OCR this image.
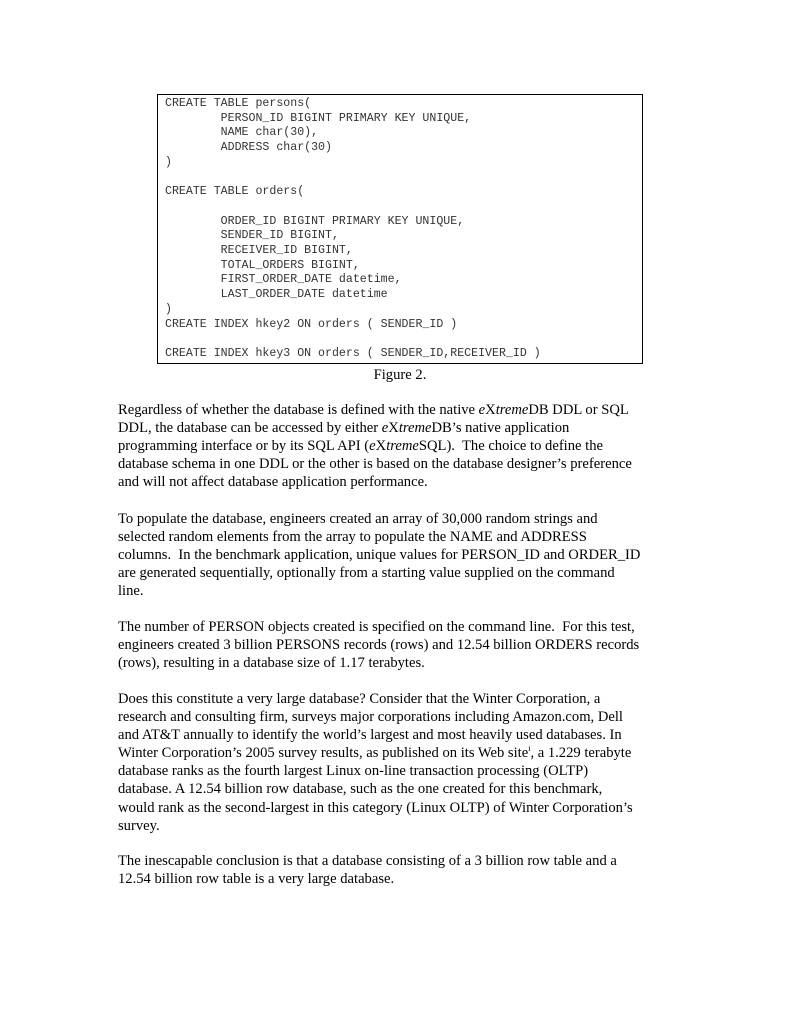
CREATE TABLE persons(
PERSON_ID BIGINT PRIMARY KEY UNIQUE,
NAME char(30),
ADDRESS char(30)
)
CREATE TABLE orders(
ORDER_ID BIGINT PRIMARY KEY UNIQUE,
SENDER_ID BIGINT,
RECEIVER_ID BIGINT,
TOTAL_ORDERS BIGINT,
FIRST_ORDER_DATE datetime,
LAST_ORDER_DATE datetime
)
CREATE INDEX hkey2 ON orders ( SENDER_ID )
CREATE INDEX hkey3 ON orders ( SENDER_ID,RECEIVER_ID )
Figure 2.
Regardless of whether the database is defined with the native eXtremeDB DDL or SQL
DDL, the database can be accessed by either eXtremeDB’s native application
programming interface or by its SQL API (eXtremeSQL).  The choice to define the
database schema in one DDL or the other is based on the database designer’s preference
and will not affect database application performance.
To populate the database, engineers created an array of 30,000 random strings and
selected random elements from the array to populate the NAME and ADDRESS
columns.  In the benchmark application, unique values for PERSON_ID and ORDER_ID
are generated sequentially, optionally from a starting value supplied on the command
line.
The number of PERSON objects created is specified on the command line.  For this test,
engineers created 3 billion PERSONS records (rows) and 12.54 billion ORDERS records
(rows), resulting in a database size of 1.17 terabytes.
Does this constitute a very large database? Consider that the Winter Corporation, a
research and consulting firm, surveys major corporations including Amazon.com, Dell
and AT&T annually to identify the world’s largest and most heavily used databases. In
Winter Corporation’s 2005 survey results, as published on its Web site$^i$, a 1.229 terabyte
database ranks as the fourth largest Linux on-line transaction processing (OLTP)
database. A 12.54 billion row database, such as the one created for this benchmark,
would rank as the second-largest in this category (Linux OLTP) of Winter Corporation’s
survey.
The inescapable conclusion is that a database consisting of a 3 billion row table and a
12.54 billion row table is a very large database.
